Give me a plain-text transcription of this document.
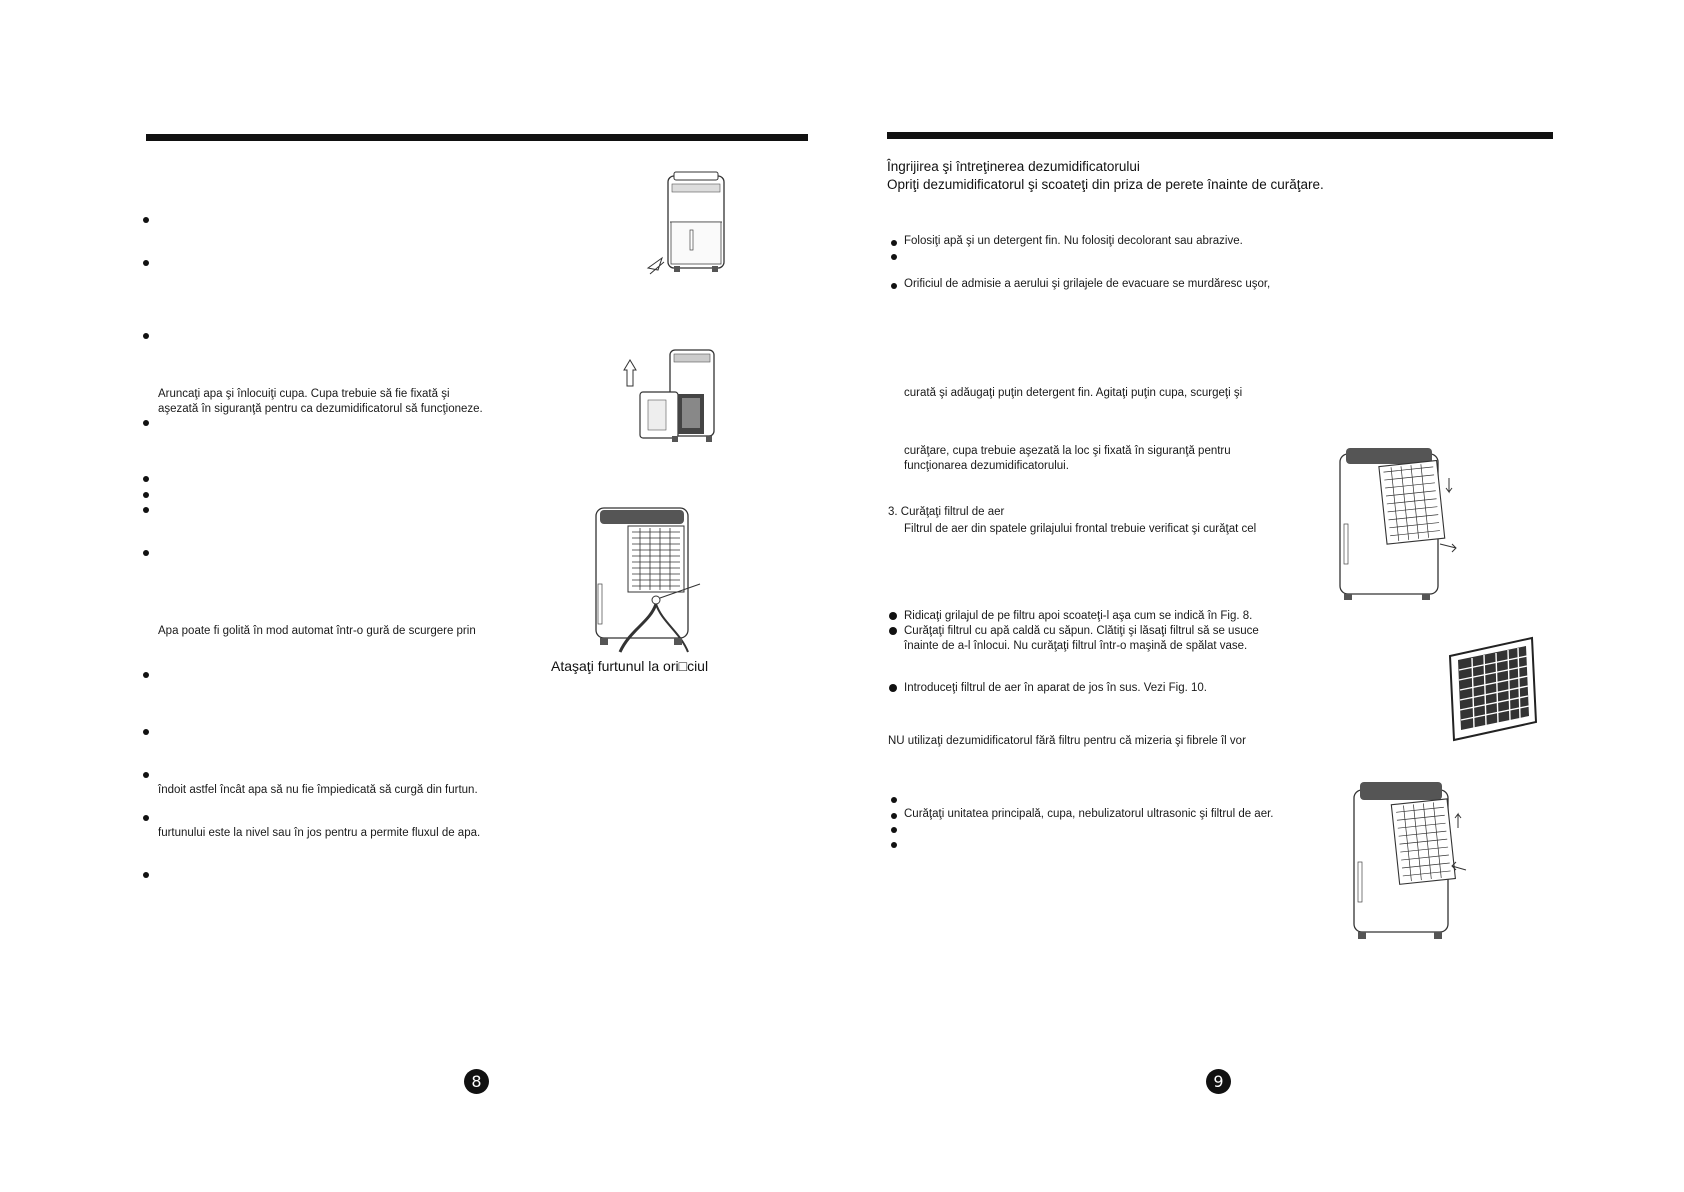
Aruncaţi apa şi înlocuiţi cupa. Cupa trebuie să fie fixată şi
aşezată în siguranţă pentru ca dezumidificatorul să funcţioneze.
Apa poate fi golită în mod automat într-o gură de scurgere prin
îndoit astfel încât apa să nu fie împiedicată să curgă din furtun.
furtunului este la nivel sau în jos pentru a permite fluxul de apa.
Ataşaţi furtunul la ori□ciul
8
Îngrijirea şi întreţinerea dezumidificatorului
Opriţi dezumidificatorul şi scoateţi din priza de perete înainte de curăţare.
Folosiţi apă şi un detergent fin. Nu folosiţi decolorant sau abrazive.
Orificiul de admisie a aerului şi grilajele de evacuare se murdăresc uşor,
curată şi adăugaţi puţin detergent fin. Agitaţi puţin cupa, scurgeţi şi
curăţare, cupa trebuie aşezată la loc şi fixată în siguranţă pentru
funcţionarea dezumidificatorului.
3. Curăţaţi filtrul de aer
Filtrul de aer din spatele grilajului frontal trebuie verificat şi curăţat cel
Ridicaţi grilajul de pe filtru apoi scoateţi-l aşa cum se indică în Fig. 8.
Curăţaţi filtrul cu apă caldă cu săpun. Clătiţi şi lăsaţi filtrul să se usuce
înainte de a-l înlocui. Nu curăţaţi filtrul într-o maşină de spălat vase.
Introduceţi filtrul de aer în aparat de jos în sus. Vezi Fig. 10.
NU utilizaţi dezumidificatorul fără filtru pentru că mizeria şi fibrele îl vor
Curăţaţi unitatea principală, cupa, nebulizatorul ultrasonic şi filtrul de aer.
9
